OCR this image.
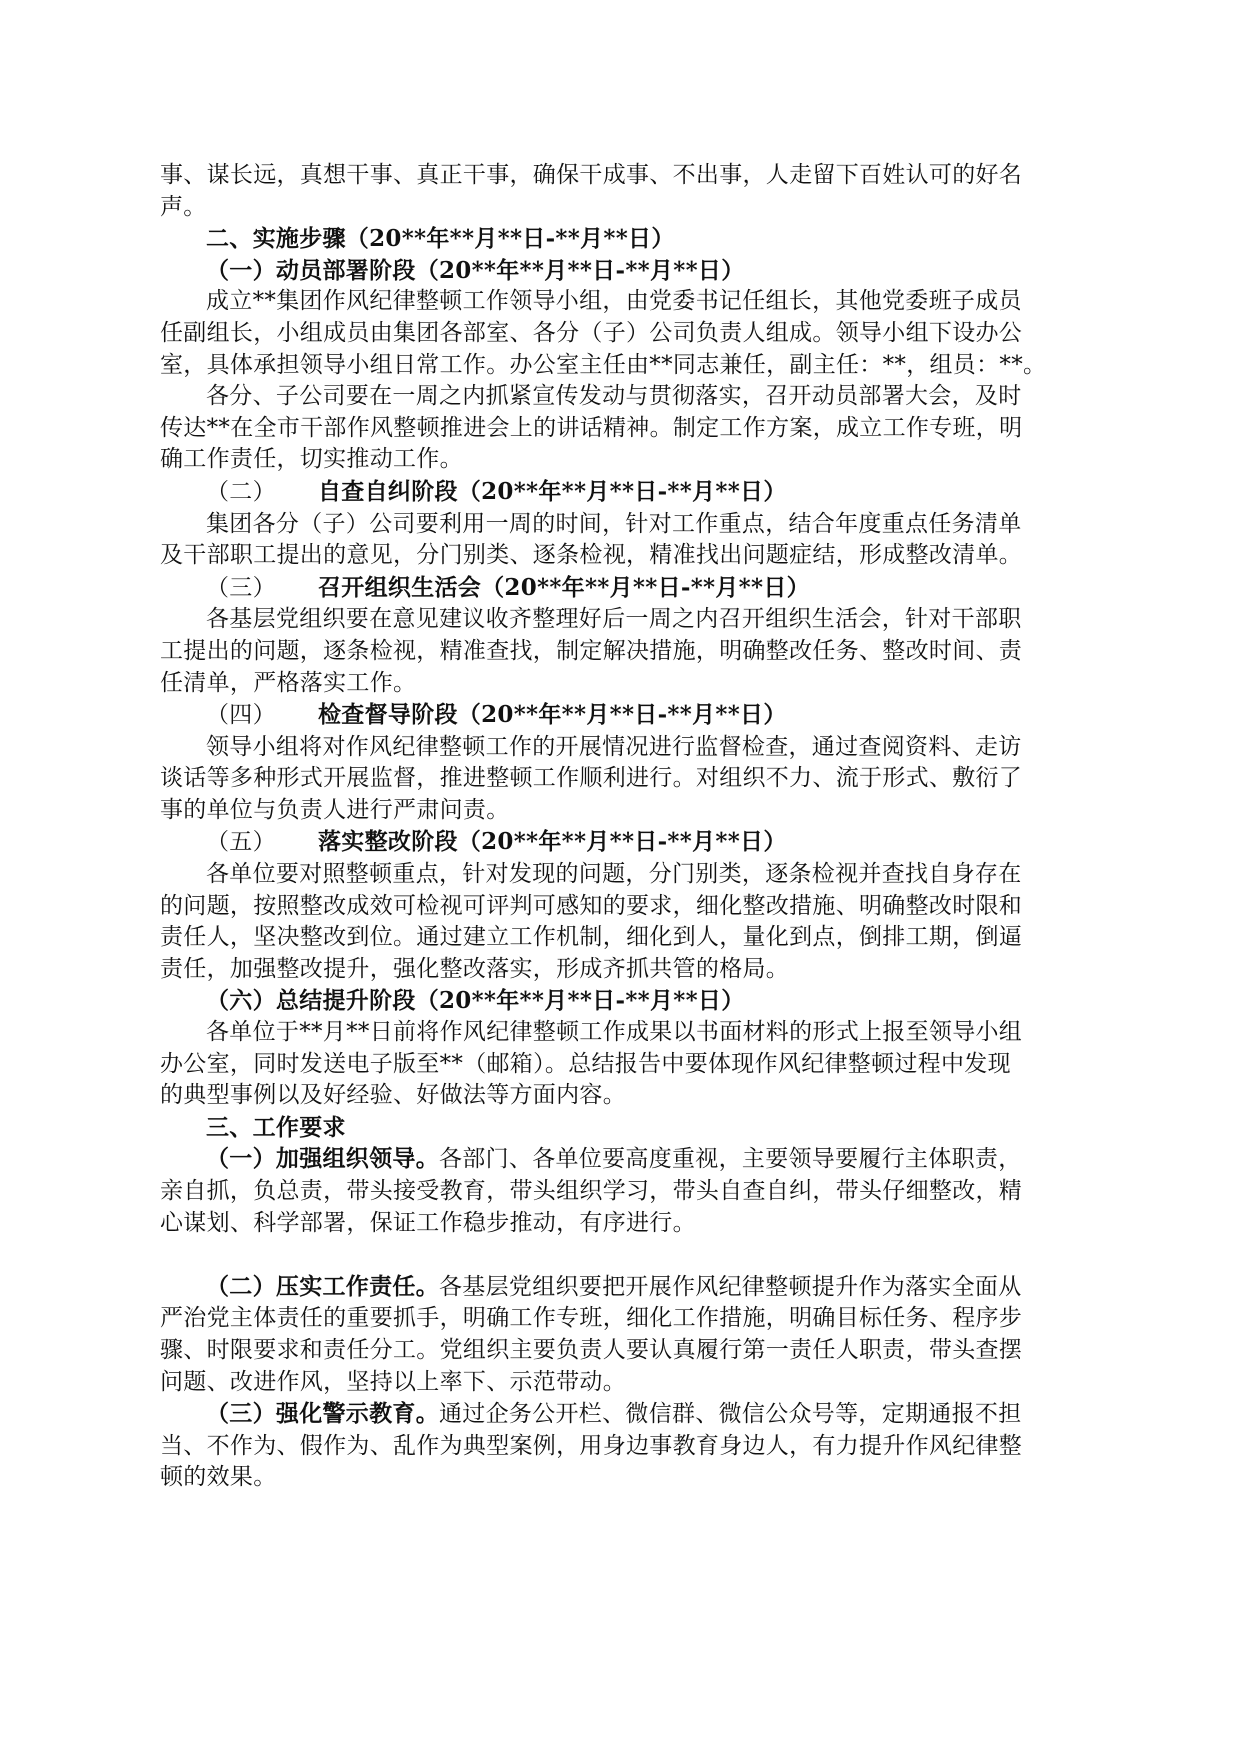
事、谋长远，真想干事、真正干事，确保干成事、不出事，人走留下百姓认可的好名
声。
二、实施步骤（20**年**月**日-**月**日）
（一）动员部署阶段（20**年**月**日-**月**日）
成立**集团作风纪律整顿工作领导小组，由党委书记任组长，其他党委班子成员
任副组长，小组成员由集团各部室、各分（子）公司负责人组成。领导小组下设办公
室，具体承担领导小组日常工作。办公室主任由**同志兼任，副主任：**，组员：**。
各分、子公司要在一周之内抓紧宣传发动与贯彻落实，召开动员部署大会，及时
传达**在全市干部作风整顿推进会上的讲话精神。制定工作方案，成立工作专班，明
确工作责任，切实推动工作。
（二） 自查自纠阶段（20**年**月**日-**月**日）
集团各分（子）公司要利用一周的时间，针对工作重点，结合年度重点任务清单
及干部职工提出的意见，分门别类、逐条检视，精准找出问题症结，形成整改清单。
（三） 召开组织生活会（20**年**月**日-**月**日）
各基层党组织要在意见建议收齐整理好后一周之内召开组织生活会，针对干部职
工提出的问题，逐条检视，精准查找，制定解决措施，明确整改任务、整改时间、责
任清单，严格落实工作。
（四） 检查督导阶段（20**年**月**日-**月**日）
领导小组将对作风纪律整顿工作的开展情况进行监督检查，通过查阅资料、走访
谈话等多种形式开展监督，推进整顿工作顺利进行。对组织不力、流于形式、敷衍了
事的单位与负责人进行严肃问责。
（五） 落实整改阶段（20**年**月**日-**月**日）
各单位要对照整顿重点，针对发现的问题，分门别类，逐条检视并查找自身存在
的问题，按照整改成效可检视可评判可感知的要求，细化整改措施、明确整改时限和
责任人，坚决整改到位。通过建立工作机制，细化到人，量化到点，倒排工期，倒逼
责任，加强整改提升，强化整改落实，形成齐抓共管的格局。
（六）总结提升阶段（20**年**月**日-**月**日）
各单位于**月**日前将作风纪律整顿工作成果以书面材料的形式上报至领导小组
办公室，同时发送电子版至**（邮箱）。总结报告中要体现作风纪律整顿过程中发现
的典型事例以及好经验、好做法等方面内容。
三、工作要求
（一）加强组织领导。各部门、各单位要高度重视，主要领导要履行主体职责，
亲自抓，负总责，带头接受教育，带头组织学习，带头自查自纠，带头仔细整改，精
心谋划、科学部署，保证工作稳步推动，有序进行。
（二）压实工作责任。各基层党组织要把开展作风纪律整顿提升作为落实全面从
严治党主体责任的重要抓手，明确工作专班，细化工作措施，明确目标任务、程序步
骤、时限要求和责任分工。党组织主要负责人要认真履行第一责任人职责，带头查摆
问题、改进作风，坚持以上率下、示范带动。
（三）强化警示教育。通过企务公开栏、微信群、微信公众号等，定期通报不担
当、不作为、假作为、乱作为典型案例，用身边事教育身边人，有力提升作风纪律整
顿的效果。
